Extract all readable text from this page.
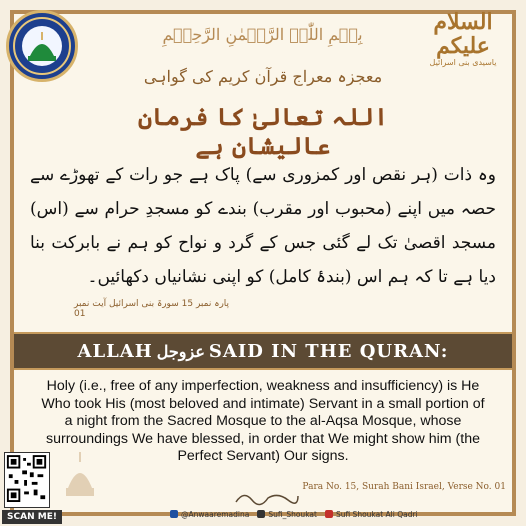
السلام
علیکم
یاسیدی بنی اسرائیل
بِسۡمِ اللّٰہِ الرَّحۡمٰنِ الرَّحِیۡمِ
معجزہ معراج قرآن کریم کی گواہی
اللہ تعالیٰ کا فرمان عالیشان ہے
وہ ذات (ہر نقص اور کمزوری سے) پاک ہے جو رات کے تھوڑے سے حصہ میں اپنے (محبوب اور مقرب) بندے کو مسجدِ حرام سے (اس) مسجد اقصیٰ تک لے گئی جس کے گرد و نواح کو ہم نے بابرکت بنا دیا ہے تا کہ ہم اس (بندۂ کامل) کو اپنی نشانیاں دکھائیں۔
پارہ نمبر 15 سورۃ بنی اسرائیل آیت نمبر 01
ALLAH عزوجل SAID IN THE QURAN:
Holy (i.e., free of any imperfection, weakness and insufficiency) is He Who took His (most beloved and intimate) Servant in a small portion of a night from the Sacred Mosque to the al-Aqsa Mosque, whose surroundings We have blessed, in order that We might show him (the Perfect Servant) Our signs.
Para No. 15, Surah Bani Israel, Verse No. 01
SCAN ME!	@Anwaaremadina	Sufi_Shoukat	Sufi Shoukat Ali Qadri
